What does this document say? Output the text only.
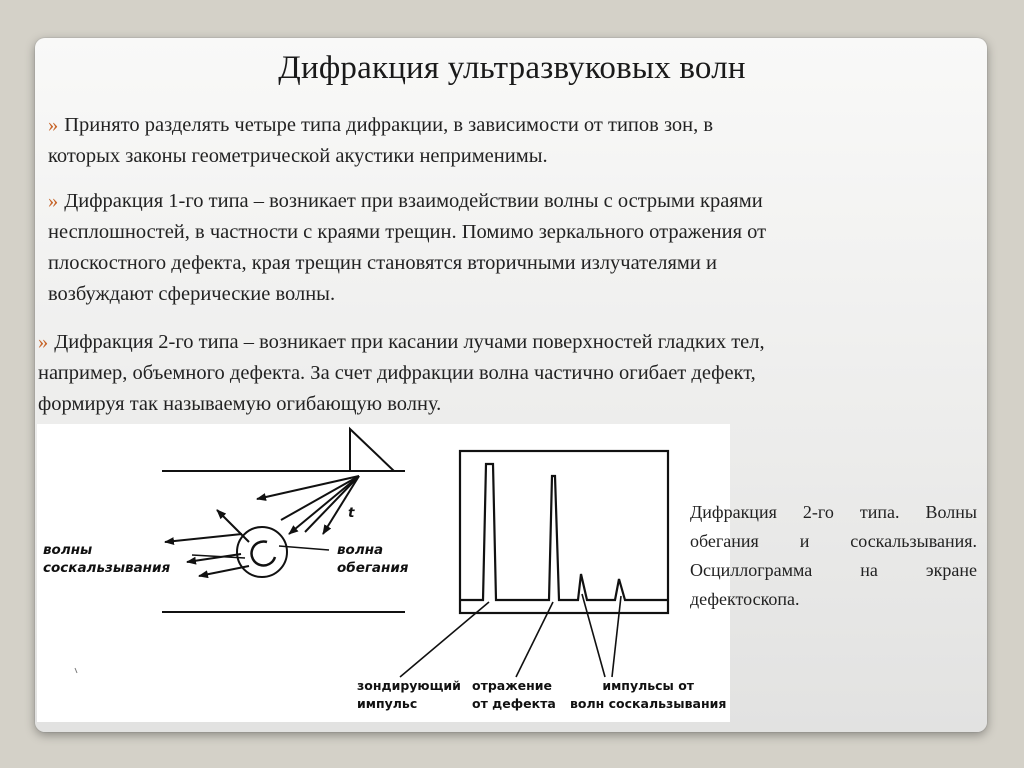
Дифракция ультразвуковых волн
» Принято разделять четыре типа дифракции, в зависимости от типов зон, в
которых законы геометрической акустики неприменимы.
» Дифракция 1-го типа – возникает при взаимодействии волны с острыми краями
несплошностей, в частности с краями трещин. Помимо зеркального отражения от
плоскостного дефекта, края трещин становятся вторичными излучателями и
возбуждают сферические волны.
» Дифракция 2-го типа – возникает при касании лучами поверхностей гладких тел,
например, объемного дефекта. За счет дифракции волна частично огибает дефект,
формируя так называемую огибающую волну.
волны
соскальзывания
волна
обегания
t
зондирующий
импульс
отражение
от дефекта
импульсы от
волн соскальзывания
Дифракция 2-го типа. Волны обегания и соскальзывания. Осциллограмма на экране дефектоскопа.
